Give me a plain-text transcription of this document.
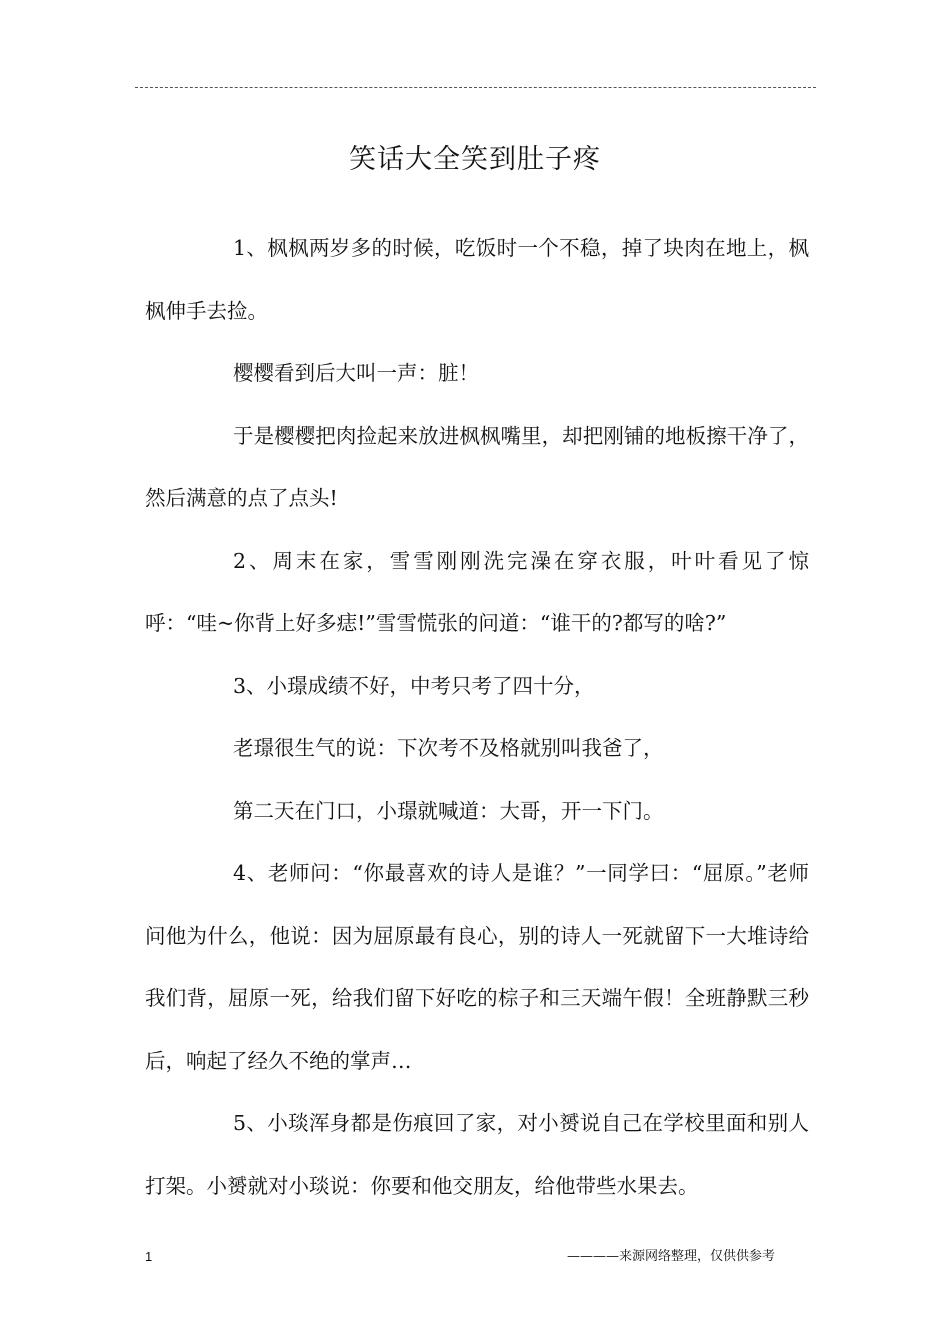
笑话大全笑到肚子疼

1、枫枫两岁多的时候，吃饭时一个不稳，掉了块肉在地上，枫枫伸手去捡。

樱樱看到后大叫一声：脏！

于是樱樱把肉捡起来放进枫枫嘴里，却把刚铺的地板擦干净了，然后满意的点了点头!

2、周末在家，雪雪刚刚洗完澡在穿衣服，叶叶看见了惊呼：“哇~你背上好多痣!”雪雪慌张的问道：“谁干的?都写的啥?”

3、小璟成绩不好，中考只考了四十分，

老璟很生气的说：下次考不及格就别叫我爸了，

第二天在门口，小璟就喊道：大哥，开一下门。

4、老师问：“你最喜欢的诗人是谁？”一同学曰：“屈原。”老师问他为什么，他说：因为屈原最有良心，别的诗人一死就留下一大堆诗给我们背，屈原一死，给我们留下好吃的棕子和三天端午假！全班静默三秒后，响起了经久不绝的掌声…

5、小琰浑身都是伤痕回了家，对小赟说自己在学校里面和别人打架。小赟就对小琰说：你要和他交朋友，给他带些水果去。

1	————来源网络整理，仅供供参考
